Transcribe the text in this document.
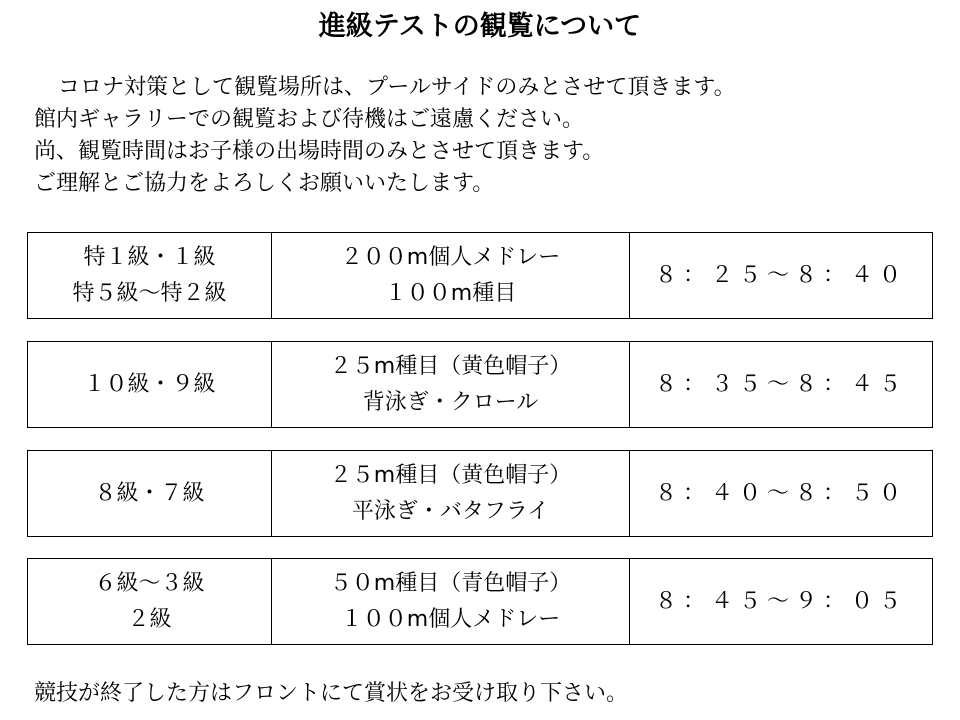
進級テストの観覧について

コロナ対策として観覧場所は、プールサイドのみとさせて頂きます。

館内ギャラリーでの観覧および待機はご遠慮ください。

尚、観覧時間はお子様の出場時間のみとさせて頂きます。

ご理解とご協力をよろしくお願いいたします。

特１級・１級
特５級～特２級
２００m個人メドレー
１００m種目
８：２５～８：４０
１０級・９級
２５m種目（黄色帽子）
背泳ぎ・クロール
８：３５～８：４５
８級・７級
２５m種目（黄色帽子）
平泳ぎ・バタフライ
８：４０～８：５０
６級～３級
２級
５０m種目（青色帽子）
１００m個人メドレー
８：４５～９：０５
競技が終了した方はフロントにて賞状をお受け取り下さい。
